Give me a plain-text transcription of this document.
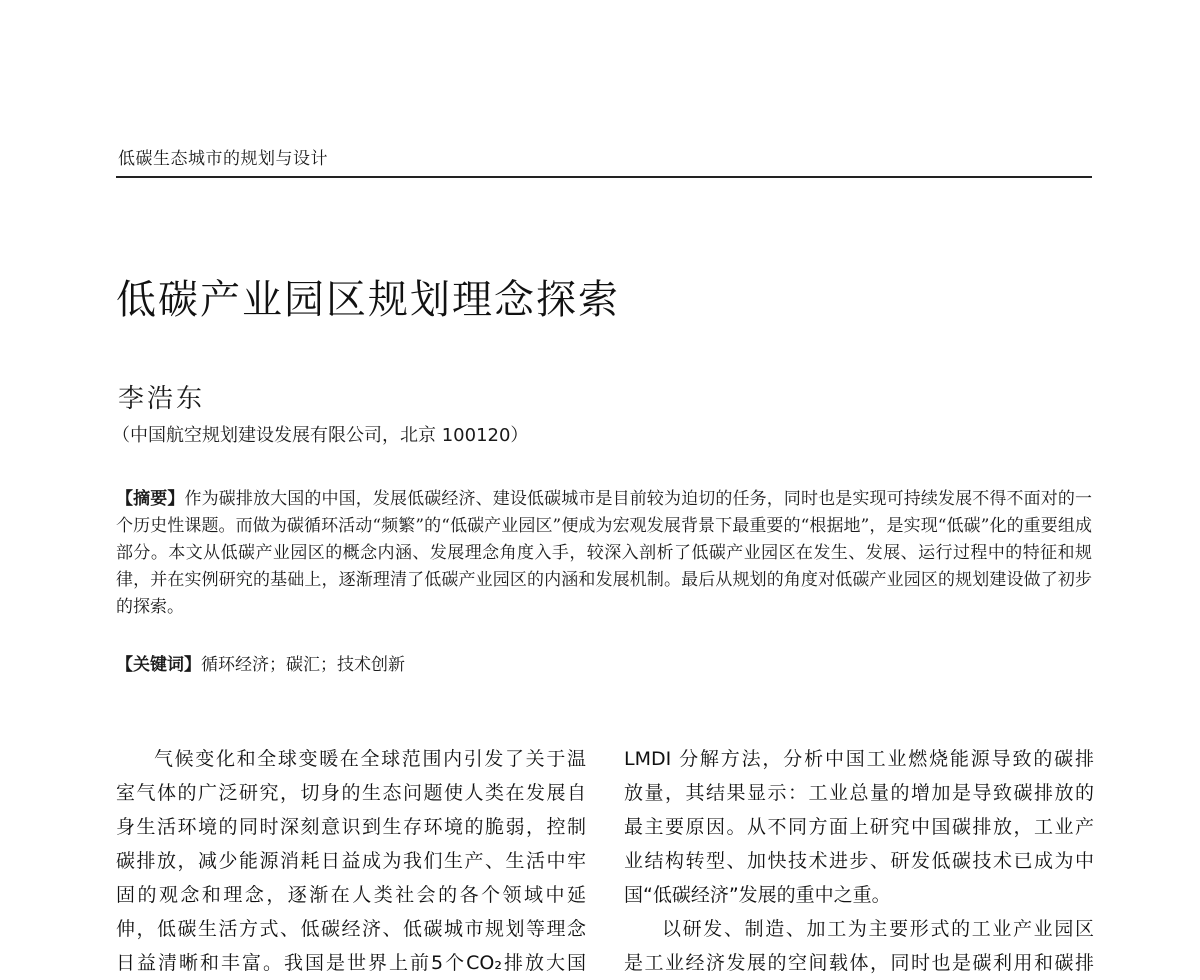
低碳生态城市的规划与设计
低碳产业园区规划理念探索
李浩东
（中国航空规划建设发展有限公司，北京 100120）
【摘要】作为碳排放大国的中国，发展低碳经济、建设低碳城市是目前较为迫切的任务，同时也是实现可持续发展不得不面对的一个历史性课题。而做为碳循环活动“频繁”的“低碳产业园区”便成为宏观发展背景下最重要的“根据地”，是实现“低碳”化的重要组成部分。本文从低碳产业园区的概念内涵、发展理念角度入手，较深入剖析了低碳产业园区在发生、发展、运行过程中的特征和规律，并在实例研究的基础上，逐渐理清了低碳产业园区的内涵和发展机制。最后从规划的角度对低碳产业园区的规划建设做了初步的探索。
【关键词】循环经济；碳汇；技术创新
气候变化和全球变暖在全球范围内引发了关于温
室气体的广泛研究，切身的生态问题使人类在发展自
身生活环境的同时深刻意识到生存环境的脆弱，控制
碳排放，减少能源消耗日益成为我们生产、生活中牢
固的观念和理念，逐渐在人类社会的各个领域中延
伸，低碳生活方式、低碳经济、低碳城市规划等理念
日益清晰和丰富。我国是世界上前5个CO₂排放大国
LMDI 分解方法，分析中国工业燃烧能源导致的碳排
放量，其结果显示：工业总量的增加是导致碳排放的
最主要原因。从不同方面上研究中国碳排放，工业产
业结构转型、加快技术进步、研发低碳技术已成为中
国“低碳经济”发展的重中之重。
以研发、制造、加工为主要形式的工业产业园区
是工业经济发展的空间载体，同时也是碳利用和碳排
